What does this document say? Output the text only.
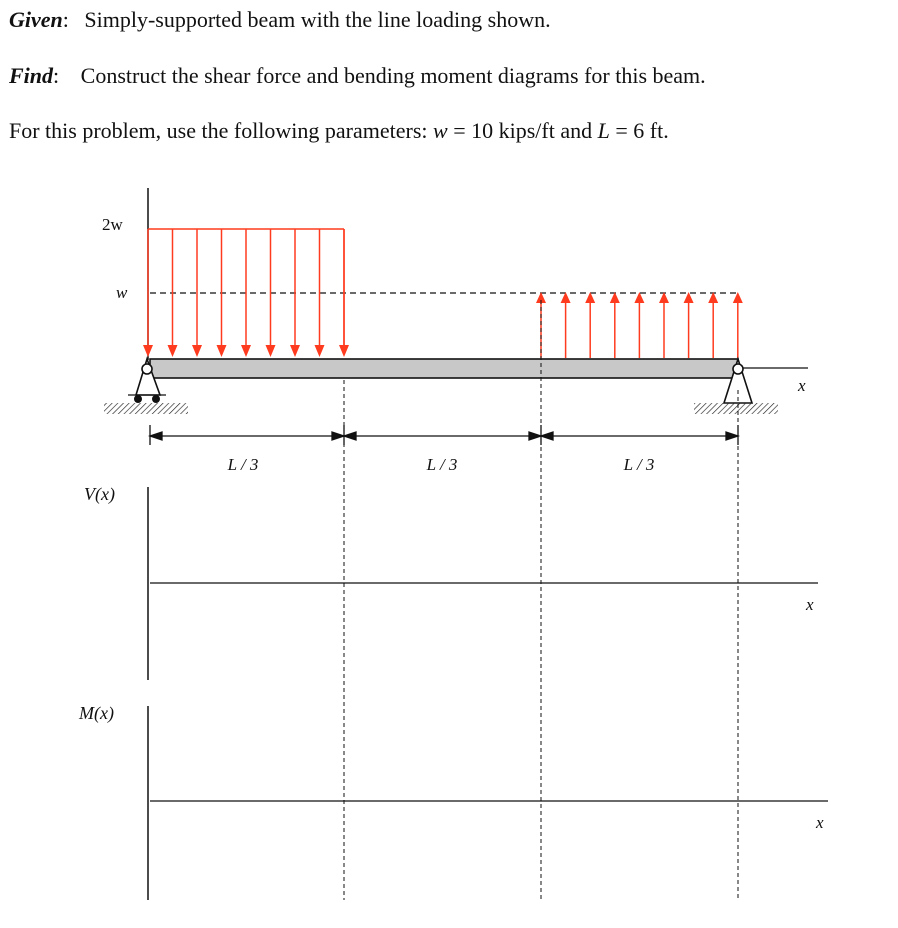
Given: Simply-supported beam with the line loading shown.
Find: Construct the shear force and bending moment diagrams for this beam.
For this problem, use the following parameters: w = 10 kips/ft and L = 6 ft.
2w
w
x
L / 3	L / 3	L / 3
V(x)
x
M(x)
x
